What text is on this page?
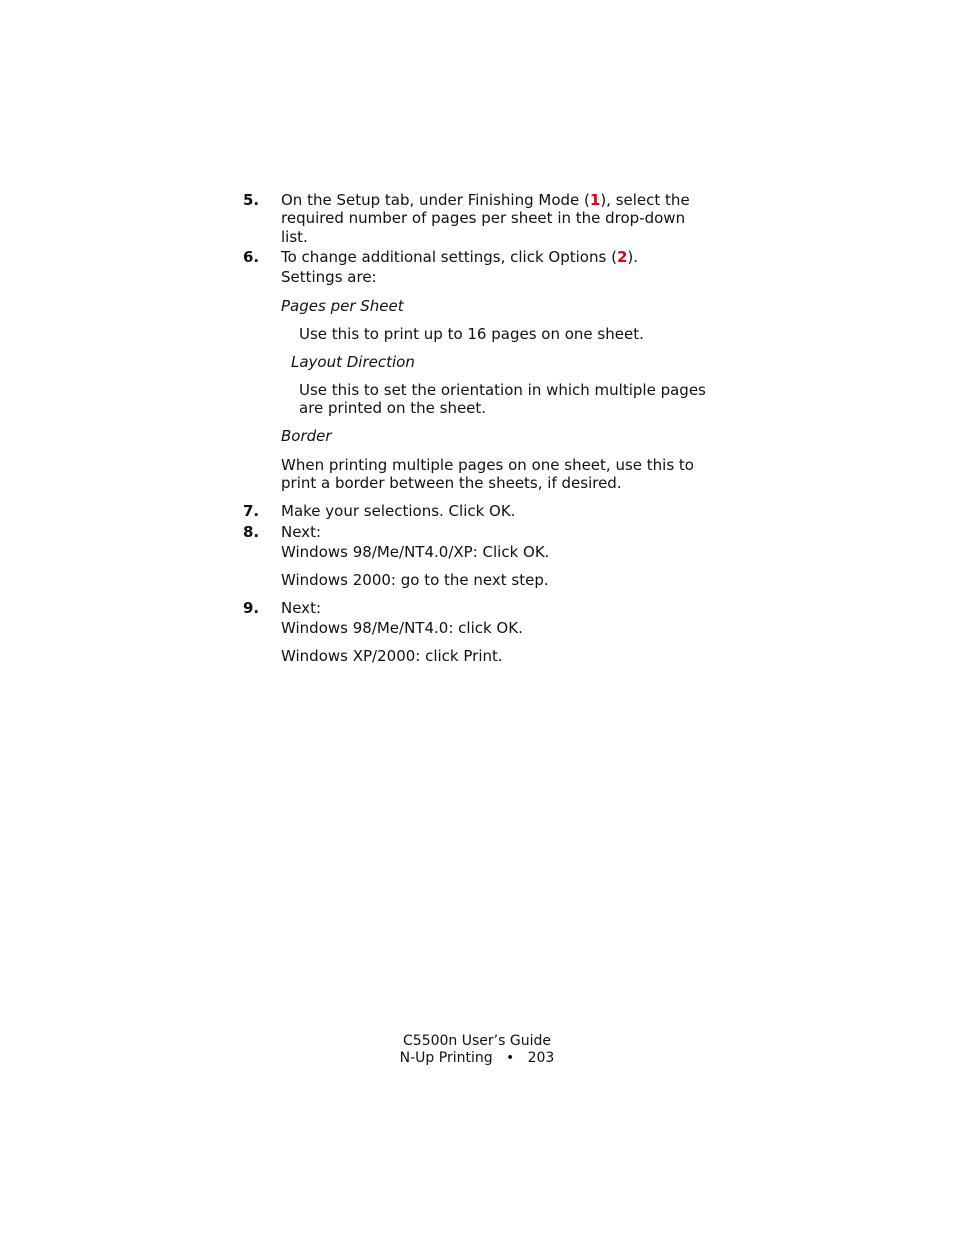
5. On the Setup tab, under Finishing Mode (1), select the
required number of pages per sheet in the drop-down
list.
6. To change additional settings, click Options (2).
Settings are:
Pages per Sheet
Use this to print up to 16 pages on one sheet.
Layout Direction
Use this to set the orientation in which multiple pages
are printed on the sheet.
Border
When printing multiple pages on one sheet, use this to
print a border between the sheets, if desired.
7. Make your selections. Click OK.
8. Next:
Windows 98/Me/NT4.0/XP: Click OK.
Windows 2000: go to the next step.
9. Next:
Windows 98/Me/NT4.0: click OK.
Windows XP/2000: click Print.
C5500n User’s Guide
N-Up Printing • 203
